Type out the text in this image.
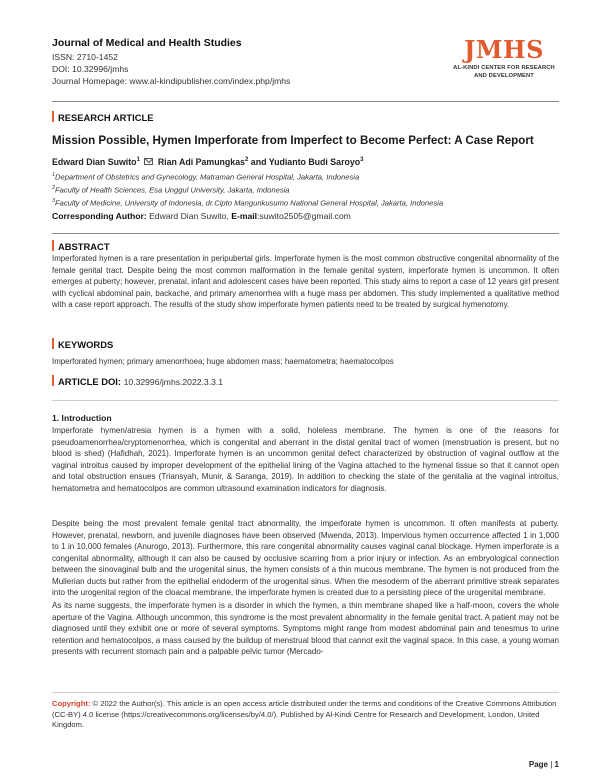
Journal of Medical and Health Studies
ISSN: 2710-1452
DOI: 10.32996/jmhs
Journal Homepage: www.al-kindipublisher.com/index.php/jmhs
JMHS
AL-KINDI CENTER FOR RESEARCH
AND DEVELOPMENT
RESEARCH ARTICLE
Mission Possible, Hymen Imperforate from Imperfect to Become Perfect: A Case Report
Edward Dian Suwito$^1$ Rian Adi Pamungkas$^2$ and Yudianto Budi Saroyo$^3$
$^1$Department of Obstetrics and Gynecology, Matraman General Hospital, Jakarta, Indonesia
$^2$Faculty of Health Sciences, Esa Unggul University, Jakarta, Indonesia
$^3$Faculty of Medicine, University of Indonesia, dr.Cipto Mangunkusumo National General Hospital, Jakarta, Indonesia
Corresponding Author: Edward Dian Suwito, E-mail:suwito2505@gmail.com
ABSTRACT
Imperforated hymen is a rare presentation in peripubertal girls. Imperforate hymen is the most common obstructive congenital abnormality of the female genital tract. Despite being the most common malformation in the female genital system, imperforate hymen is uncommon. It often emerges at puberty; however, prenatal, infant and adolescent cases have been reported. This study aims to report a case of 12 years girl present with cyclical abdominal pain, backache, and primary amenorrhea with a huge mass per abdomen. This study implemented a qualitative method with a case report approach. The results of the study show imperforate hymen patients need to be treated by surgical hymenotomy.
KEYWORDS
Imperforated hymen; primary amenorrhoea; huge abdomen mass; haematometra; haematocolpos
ARTICLE DOI: 10.32996/jmhs.2022.3.3.1
1. Introduction
Imperforate hymen/atresia hymen is a hymen with a solid, holeless membrane. The hymen is one of the reasons for pseudoamenorrhea/cryptomenorrhea, which is congenital and aberrant in the distal genital tract of women (menstruation is present, but no blood is shed) (Hafidhah, 2021). Imperforate hymen is an uncommon genital defect characterized by obstruction of vaginal outflow at the vaginal introitus caused by improper development of the epithelial lining of the Vagina attached to the hymenal tissue so that it cannot open and total obstruction ensues (Triansyah, Munir, & Saranga, 2019). In addition to checking the state of the genitalia at the vaginal introitus, hematometra and hematocolpos are common ultrasound examination indicators for diagnosis.
Despite being the most prevalent female genital tract abnormality, the imperforate hymen is uncommon. It often manifests at puberty. However, prenatal, newborn, and juvenile diagnoses have been observed (Mwenda, 2013). Impervious hymen occurrence affected 1 in 1,000 to 1 in 10,000 females (Anurogo, 2013). Furthermore, this rare congenital abnormality causes vaginal canal blockage. Hymen imperforate is a congenital abnormality, although it can also be caused by occlusive scarring from a prior injury or infection. As an embryological connection between the sinovaginal bulb and the urogenital sinus, the hymen consists of a thin mucous membrane. The hymen is not produced from the Mullerian ducts but rather from the epithelial endoderm of the urogenital sinus. When the mesoderm of the aberrant primitive streak separates into the urogenital region of the cloacal membrane, the imperforate hymen is created due to a persisting piece of the urogenital membrane.
As its name suggests, the imperforate hymen is a disorder in which the hymen, a thin membrane shaped like a half-moon, covers the whole aperture of the Vagina. Although uncommon, this syndrome is the most prevalent abnormality in the female genital tract. A patient may not be diagnosed until they exhibit one or more of several symptoms. Symptoms might range from modest abdominal pain and tenesmus to urine retention and hematocolpos, a mass caused by the buildup of menstrual blood that cannot exit the vaginal space. In this case, a young woman presents with recurrent stomach pain and a palpable pelvic tumor (Mercado-
Copyright: © 2022 the Author(s). This article is an open access article distributed under the terms and conditions of the Creative Commons Attribution (CC-BY) 4.0 license (https://creativecommons.org/licenses/by/4.0/). Published by Al-Kindi Centre for Research and Development, London, United Kingdom.
Page | 1
